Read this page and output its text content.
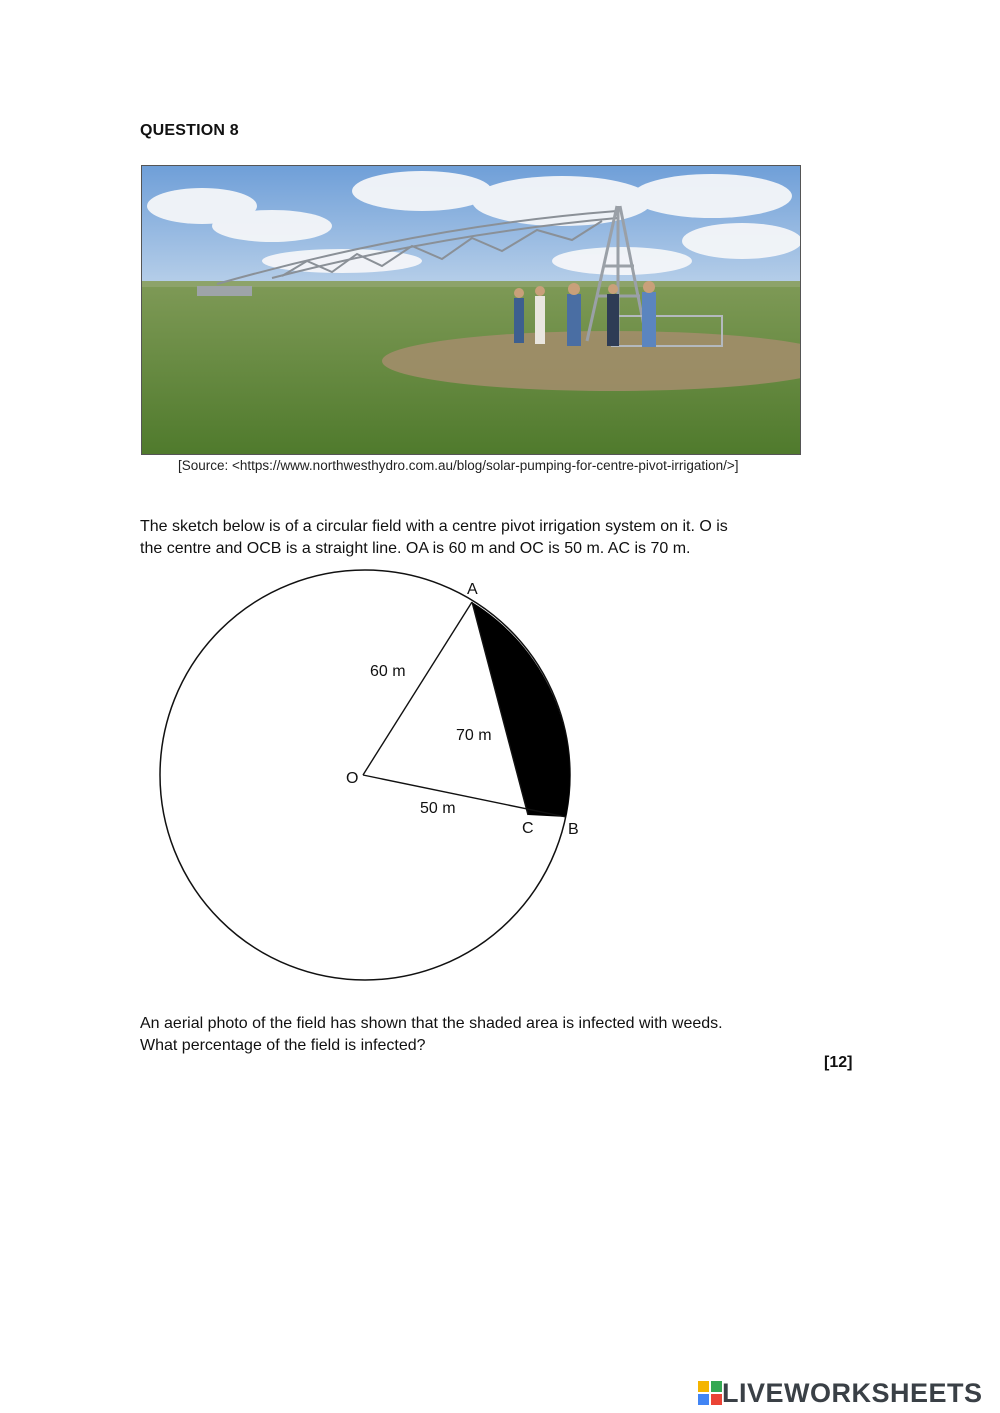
QUESTION 8
[Source: <https://www.northwesthydro.com.au/blog/solar-pumping-for-centre-pivot-irrigation/>]

The sketch below is of a circular field with a centre pivot irrigation system on it. O is

the centre and OCB is a straight line. OA is 60 m and OC is 50 m. AC is 70 m.

A
O
C B
60 m
70 m
50 m

An aerial photo of the field has shown that the shaded area is infected with weeds.

What percentage of the field is infected?

[12]
LIVEWORKSHEETS
